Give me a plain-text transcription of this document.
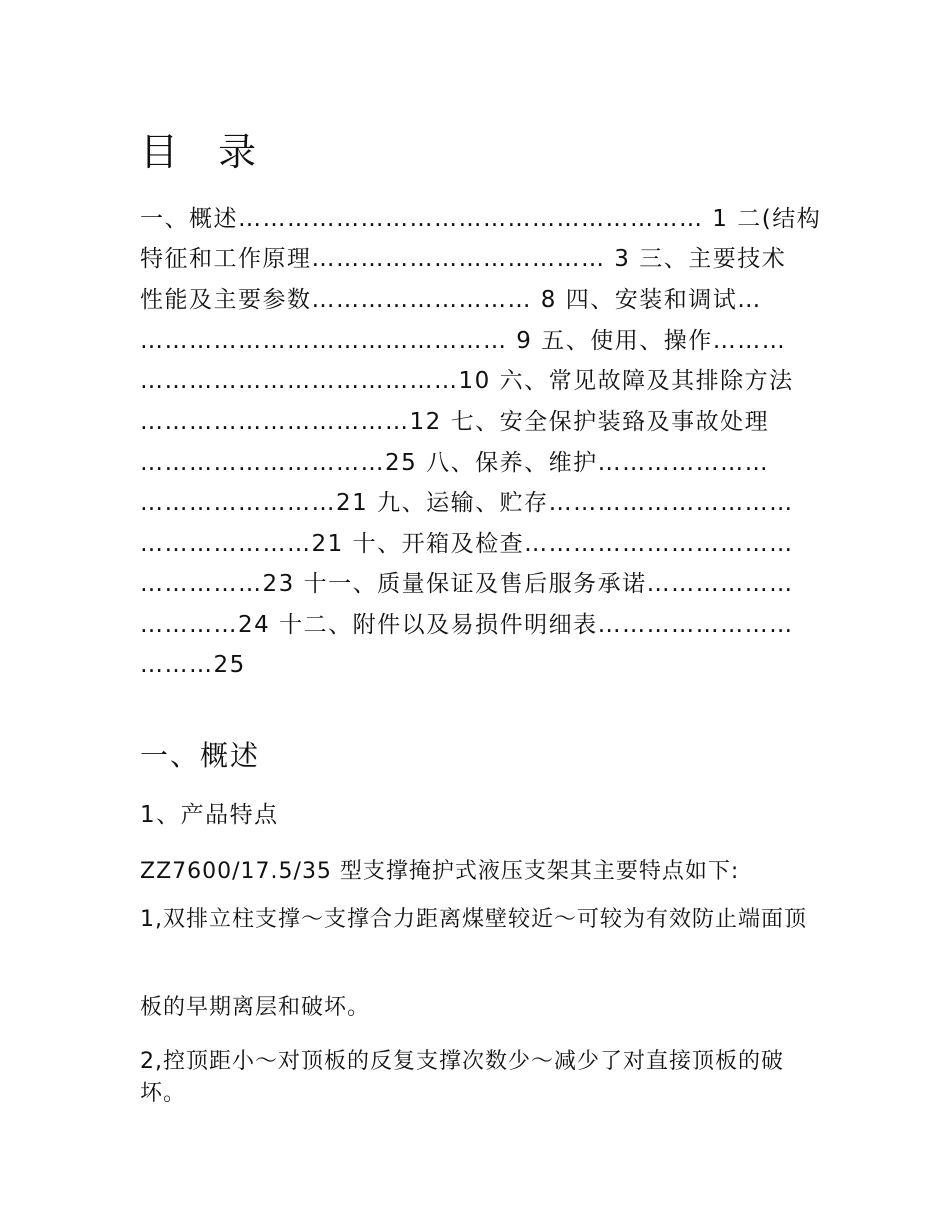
目 录
一、概述………………………………………………… 1 二(结构
特征和工作原理……………………………… 3 三、主要技术
性能及主要参数……………………… 8 四、安装和调试…
……………………………………… 9 五、使用、操作………
…………………………………10 六、常见故障及其排除方法
……………………………12 七、安全保护装臵及事故处理
…………………………25 八、保养、维护…………………
……………………21 九、运输、贮存…………………………
…………………21 十、开箱及检查……………………………
……………23 十一、质量保证及售后服务承诺………………
…………24 十二、附件以及易损件明细表……………………
………25
一、概述
1、产品特点

ZZ7600/17.5/35 型支撑掩护式液压支架其主要特点如下:

1,双排立柱支撑～支撑合力距离煤壁较近～可较为有效防止端面顶

板的早期离层和破坏。

2,控顶距小～对顶板的反复支撑次数少～减少了对直接顶板的破坏。
